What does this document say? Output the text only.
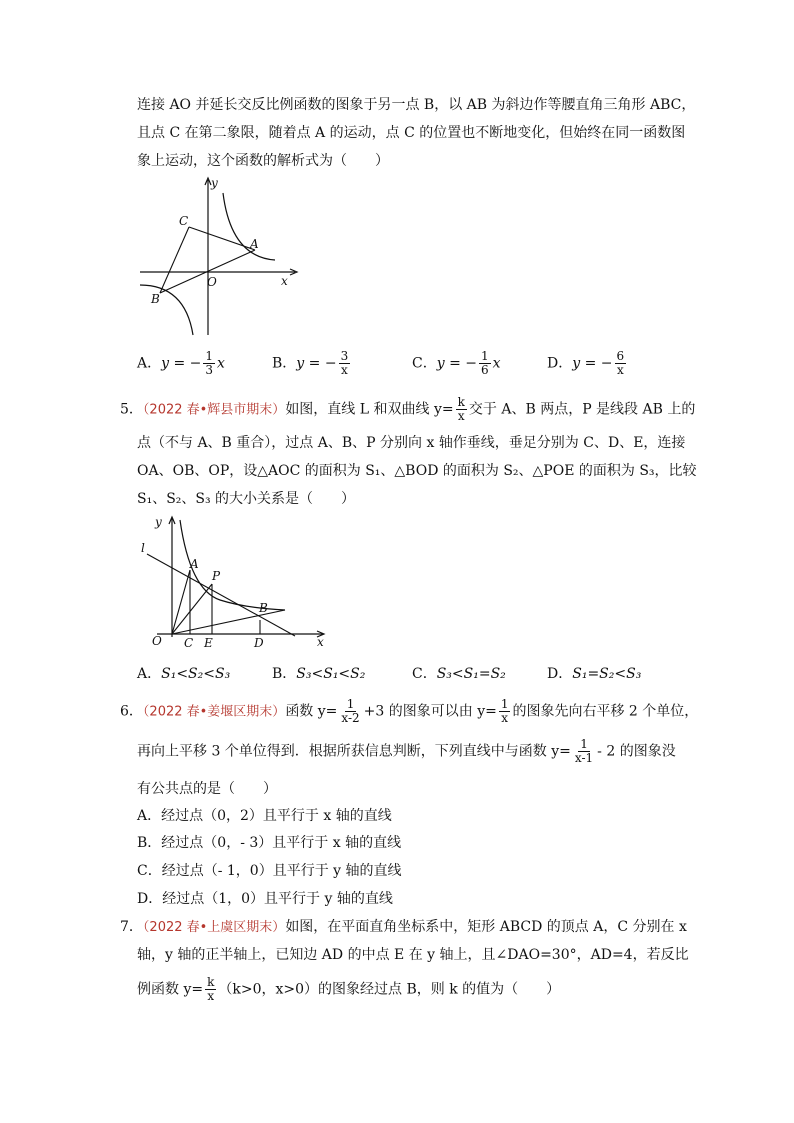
连接 AO 并延长交反比例函数的图象于另一点 B，以 AB 为斜边作等腰直角三角形 ABC，
且点 C 在第二象限，随着点 A 的运动，点 C 的位置也不断地变化，但始终在同一函数图
象上运动，这个函数的解析式为（　　）
y
x
O
A
B
C
A．y = − $\frac{1}{3}$ x	B．y = − $\frac{3}{x}$	C．y = − $\frac{1}{6}$ x	D．y = − $\frac{6}{x}$
5．（2022 春•辉县市期末）如图，直线 L 和双曲线 $y= \frac{k}{x}$ 交于 A、B 两点，P 是线段 AB 上的
点（不与 A、B 重合），过点 A、B、P 分别向 x 轴作垂线，垂足分别为 C、D、E，连接
OA、OB、OP，设△AOC 的面积为 S₁、△BOD 的面积为 S₂、△POE 的面积为 S₃，比较
S₁、S₂、S₃ 的大小关系是（　　）
y
x
l
O
A
P
B
C E	D
A．S₁<S₂<S₃	B．S₃<S₁<S₂	C．S₃<S₁=S₂	D．S₁=S₂<S₃
6．（2022 春•姜堰区期末）函数 $y= \frac{1}{x-2} +3$ 的图象可以由 $y= \frac{1}{x}$ 的图象先向右平移 2 个单位，
再向上平移 3 个单位得到．根据所获信息判断，下列直线中与函数 $y= \frac{1}{x-1} - 2$ 的图象没
有公共点的是（　　）
A．经过点（0，2）且平行于 x 轴的直线
B．经过点（0，- 3）且平行于 x 轴的直线
C．经过点（- 1，0）且平行于 y 轴的直线
D．经过点（1，0）且平行于 y 轴的直线
7．（2022 春•上虞区期末）如图，在平面直角坐标系中，矩形 ABCD 的顶点 A，C 分别在 x
轴，y 轴的正半轴上，已知边 AD 的中点 E 在 y 轴上，且∠DAO=30°，AD=4，若反比
例函数 $y= \frac{k}{x} (k>0$，x>0）的图象经过点 B，则 k 的值为（　　）
